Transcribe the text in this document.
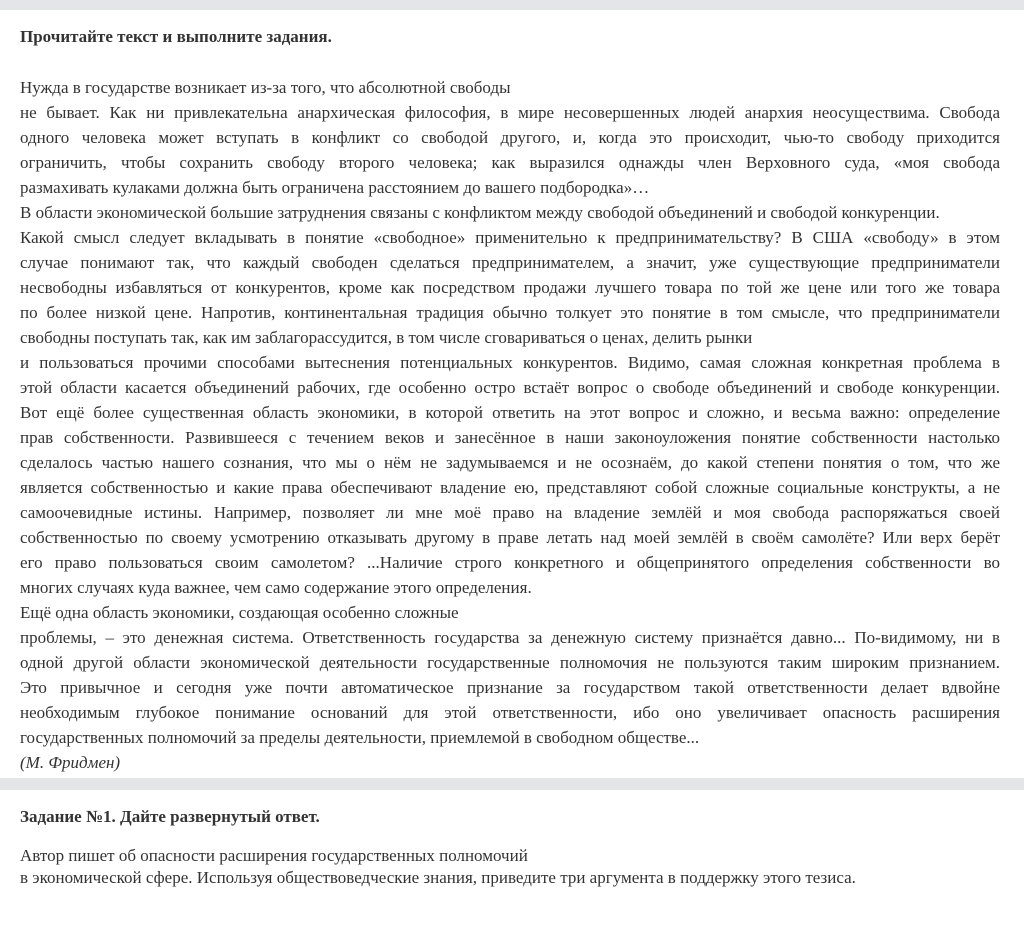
Прочитайте текст и выполните задания.
Нужда в государстве возникает из-за того, что абсолютной свободы
не бывает. Как ни привлекательна анархическая философия, в мире несовершенных людей анархия неосуществима. Свобода
одного человека может вступать в конфликт со свободой другого, и, когда это происходит, чью-то свободу приходится
ограничить, чтобы сохранить свободу второго человека; как выразился однажды член Верховного суда, «моя свобода
размахивать кулаками должна быть ограничена расстоянием до вашего подбородка»…
В области экономической большие затруднения связаны с конфликтом между свободой объединений и свободой конкуренции.
Какой смысл следует вкладывать в понятие «свободное» применительно к предпринимательству? В США «свободу» в этом
случае понимают так, что каждый свободен сделаться предпринимателем, а значит, уже существующие предприниматели
несвободны избавляться от конкурентов, кроме как посредством продажи лучшего товара по той же цене или того же товара
по более низкой цене. Напротив, континентальная традиция обычно толкует это понятие в том смысле, что предприниматели
свободны поступать так, как им заблагорассудится, в том числе сговариваться о ценах, делить рынки
и пользоваться прочими способами вытеснения потенциальных конкурентов. Видимо, самая сложная конкретная проблема в
этой области касается объединений рабочих, где особенно остро встаёт вопрос о свободе объединений и свободе конкуренции.
Вот ещё более существенная область экономики, в которой ответить на этот вопрос и сложно, и весьма важно: определение
прав собственности. Развившееся с течением веков и занесённое в наши законоуложения понятие собственности настолько
сделалось частью нашего сознания, что мы о нём не задумываемся и не осознаём, до какой степени понятия о том, что же
является собственностью и какие права обеспечивают владение ею, представляют собой сложные социальные конструкты, а не
самоочевидные истины. Например, позволяет ли мне моё право на владение землёй и моя свобода распоряжаться своей
собственностью по своему усмотрению отказывать другому в праве летать над моей землёй в своём самолёте? Или верх берёт
его право пользоваться своим самолетом? ...Наличие строго конкретного и общепринятого определения собственности во
многих случаях куда важнее, чем само содержание этого определения.
Ещё одна область экономики, создающая особенно сложные
проблемы, – это денежная система. Ответственность государства за денежную систему признаётся давно... По-видимому, ни в
одной другой области экономической деятельности государственные полномочия не пользуются таким широким признанием.
Это привычное и сегодня уже почти автоматическое признание за государством такой ответственности делает вдвойне
необходимым глубокое понимание оснований для этой ответственности, ибо оно увеличивает опасность расширения
государственных полномочий за пределы деятельности, приемлемой в свободном обществе...
(М. Фридмен)
Задание №1. Дайте развернутый ответ.
Автор пишет об опасности расширения государственных полномочий
в экономической сфере. Используя обществоведческие знания, приведите три аргумента в поддержку этого тезиса.
